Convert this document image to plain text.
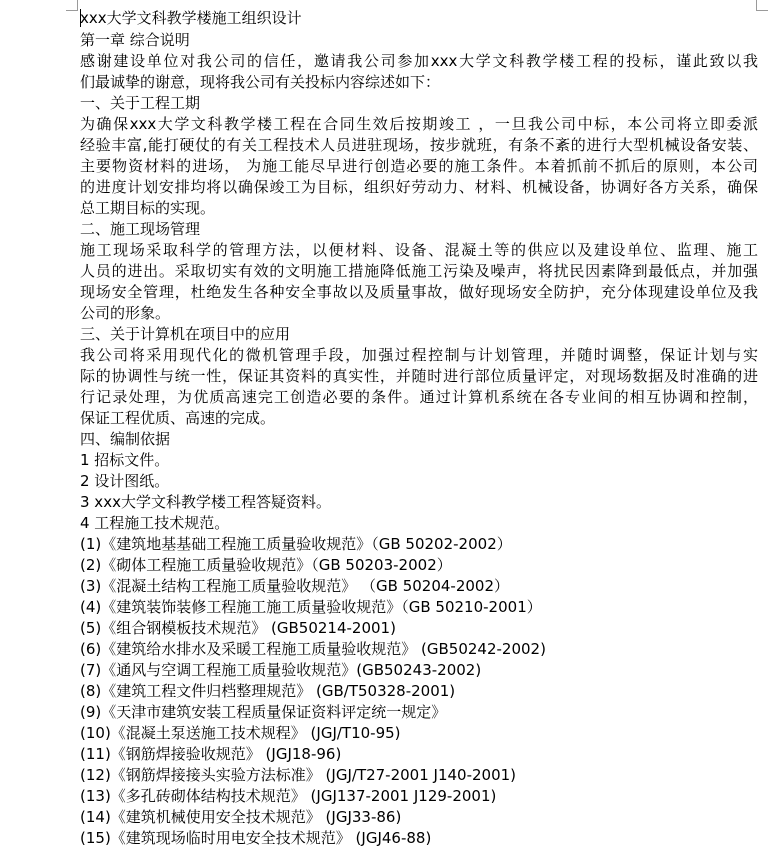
xxx大学文科教学楼施工组织设计
第一章 综合说明
感谢建设单位对我公司的信任，邀请我公司参加xxx大学文科教学楼工程的投标，谨此致以我
们最诚挚的谢意，现将我公司有关投标内容综述如下：
一、关于工程工期
为确保xxx大学文科教学楼工程在合同生效后按期竣工 ，一旦我公司中标，本公司将立即委派
经验丰富,能打硬仗的有关工程技术人员进驻现场，按步就班，有条不紊的进行大型机械设备安装、
主要物资材料的进场， 为施工能尽早进行创造必要的施工条件。本着抓前不抓后的原则，本公司
的进度计划安排均将以确保竣工为目标，组织好劳动力、材料、机械设备，协调好各方关系，确保
总工期目标的实现。
二、施工现场管理
施工现场采取科学的管理方法，以便材料、设备、混凝土等的供应以及建设单位、监理、施工
人员的进出。采取切实有效的文明施工措施降低施工污染及噪声，将扰民因素降到最低点，并加强
现场安全管理，杜绝发生各种安全事故以及质量事故，做好现场安全防护，充分体现建设单位及我
公司的形象。
三、关于计算机在项目中的应用
我公司将采用现代化的微机管理手段，加强过程控制与计划管理，并随时调整，保证计划与实
际的协调性与统一性，保证其资料的真实性，并随时进行部位质量评定，对现场数据及时准确的进
行记录处理，为优质高速完工创造必要的条件。通过计算机系统在各专业间的相互协调和控制，
保证工程优质、高速的完成。
四、编制依据
1 招标文件。
2 设计图纸。
3 xxx大学文科教学楼工程答疑资料。
4 工程施工技术规范。
(1)《建筑地基基础工程施工质量验收规范》（GB 50202-2002）
(2)《砌体工程施工质量验收规范》（GB 50203-2002）
(3)《混凝土结构工程施工质量验收规范》 （GB 50204-2002）
(4)《建筑装饰装修工程施工施工质量验收规范》（GB 50210-2001）
(5)《组合钢模板技术规范》 (GB50214-2001)
(6)《建筑给水排水及采暖工程施工质量验收规范》 (GB50242-2002)
(7)《通风与空调工程施工质量验收规范》(GB50243-2002)
(8)《建筑工程文件归档整理规范》 (GB/T50328-2001)
(9)《天津市建筑安装工程质量保证资料评定统一规定》
(10)《混凝土泵送施工技术规程》 (JGJ/T10-95)
(11)《钢筋焊接验收规范》 (JGJ18-96)
(12)《钢筋焊接接头实验方法标准》 (JGJ/T27-2001 J140-2001)
(13)《多孔砖砌体结构技术规范》 (JGJ137-2001 J129-2001)
(14)《建筑机械使用安全技术规范》 (JGJ33-86)
(15)《建筑现场临时用电安全技术规范》 (JGJ46-88)
